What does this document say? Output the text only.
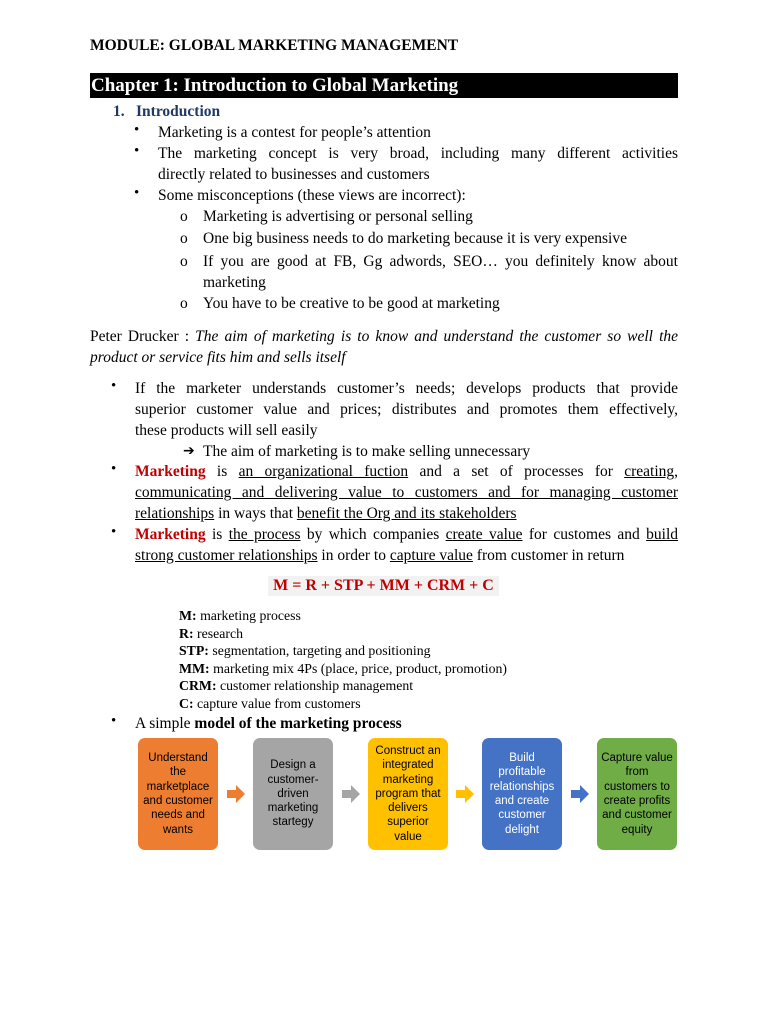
MODULE: GLOBAL MARKETING MANAGEMENT
Chapter 1: Introduction to Global Marketing
1. Introduction
• Marketing is a contest for people’s attention
• The marketing concept is very broad, including many different activities
directly related to businesses and customers
• Some misconceptions (these views are incorrect):
o Marketing is advertising or personal selling
o One big business needs to do marketing because it is very expensive
o If you are good at FB, Gg adwords, SEO… you definitely know about
marketing
o You have to be creative to be good at marketing
Peter Drucker : The aim of marketing is to know and understand the customer so well the
product or service fits him and sells itself
• If the marketer understands customer’s needs; develops products that provide
superior customer value and prices; distributes and promotes them effectively,
these products will sell easily
➔ The aim of marketing is to make selling unnecessary
• Marketing is an organizational fuction and a set of processes for creating,
communicating and delivering value to customers and for managing customer
relationships in ways that benefit the Org and its stakeholders
• Marketing is the process by which companies create value for customes and build
strong customer relationships in order to capture value from customer in return
M = R + STP + MM + CRM + C
M: marketing process
R: research
STP: segmentation, targeting and positioning
MM: marketing mix 4Ps (place, price, product, promotion)
CRM: customer relationship management
C: capture value from customers
• A simple model of the marketing process
Understand the marketplace and customer needs and wants
Design a customer-driven marketing startegy
Construct an integrated marketing program that delivers superior value
Build profitable relationships and create customer delight
Capture value from customers to create profits and customer equity
